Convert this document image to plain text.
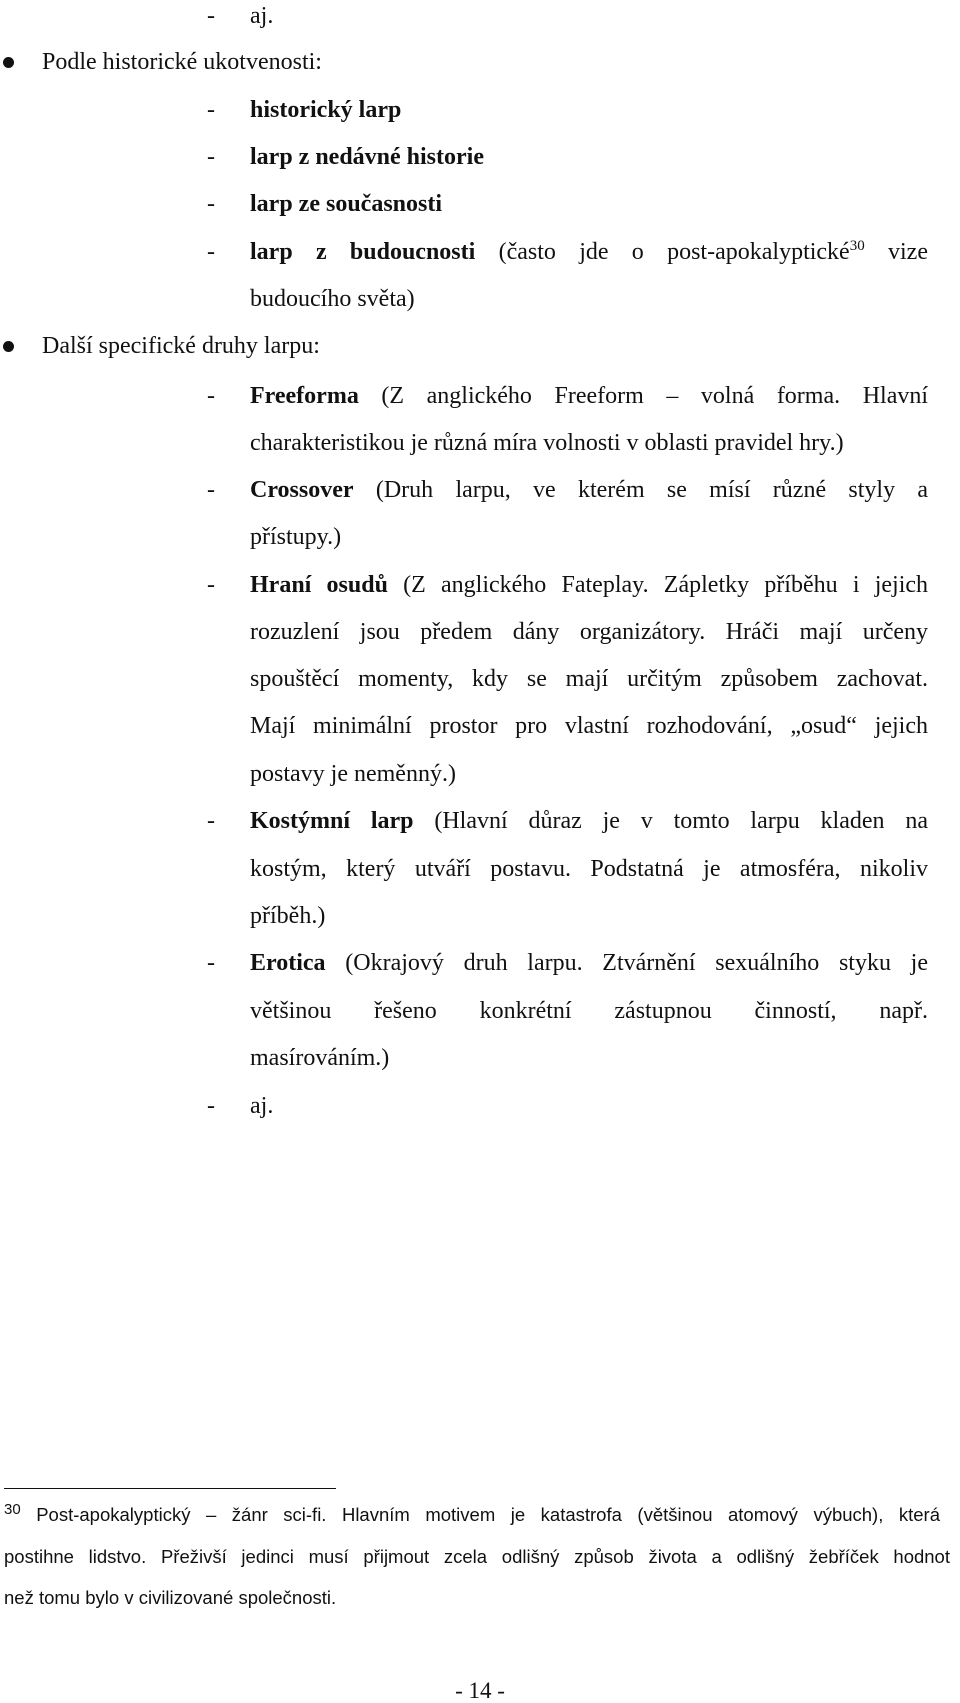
- aj.
Podle historické ukotvenosti:
- historický larp
- larp z nedávné historie
- larp ze současnosti
- larp z budoucnosti (často jde o post-apokalyptické$^{30}$ vize
budoucího světa)
Další specifické druhy larpu:
- Freeforma (Z anglického Freeform – volná forma. Hlavní
charakteristikou je různá míra volnosti v oblasti pravidel hry.)
- Crossover (Druh larpu, ve kterém se mísí různé styly a
přístupy.)
- Hraní osudů (Z anglického Fateplay. Zápletky příběhu i jejich
rozuzlení jsou předem dány organizátory. Hráči mají určeny
spouštěcí momenty, kdy se mají určitým způsobem zachovat.
Mají minimální prostor pro vlastní rozhodování, „osud“ jejich
postavy je neměnný.)
- Kostýmní larp (Hlavní důraz je v tomto larpu kladen na
kostým, který utváří postavu. Podstatná je atmosféra, nikoliv
příběh.)
- Erotica (Okrajový druh larpu. Ztvárnění sexuálního styku je
většinou řešeno konkrétní zástupnou činností, např.
masírováním.)
- aj.
$^{30}$ Post-apokalyptický – žánr sci-fi. Hlavním motivem je katastrofa (většinou atomový výbuch), která
postihne lidstvo. Přeživší jedinci musí přijmout zcela odlišný způsob života a odlišný žebříček hodnot
než tomu bylo v civilizované společnosti.
- 14 -
